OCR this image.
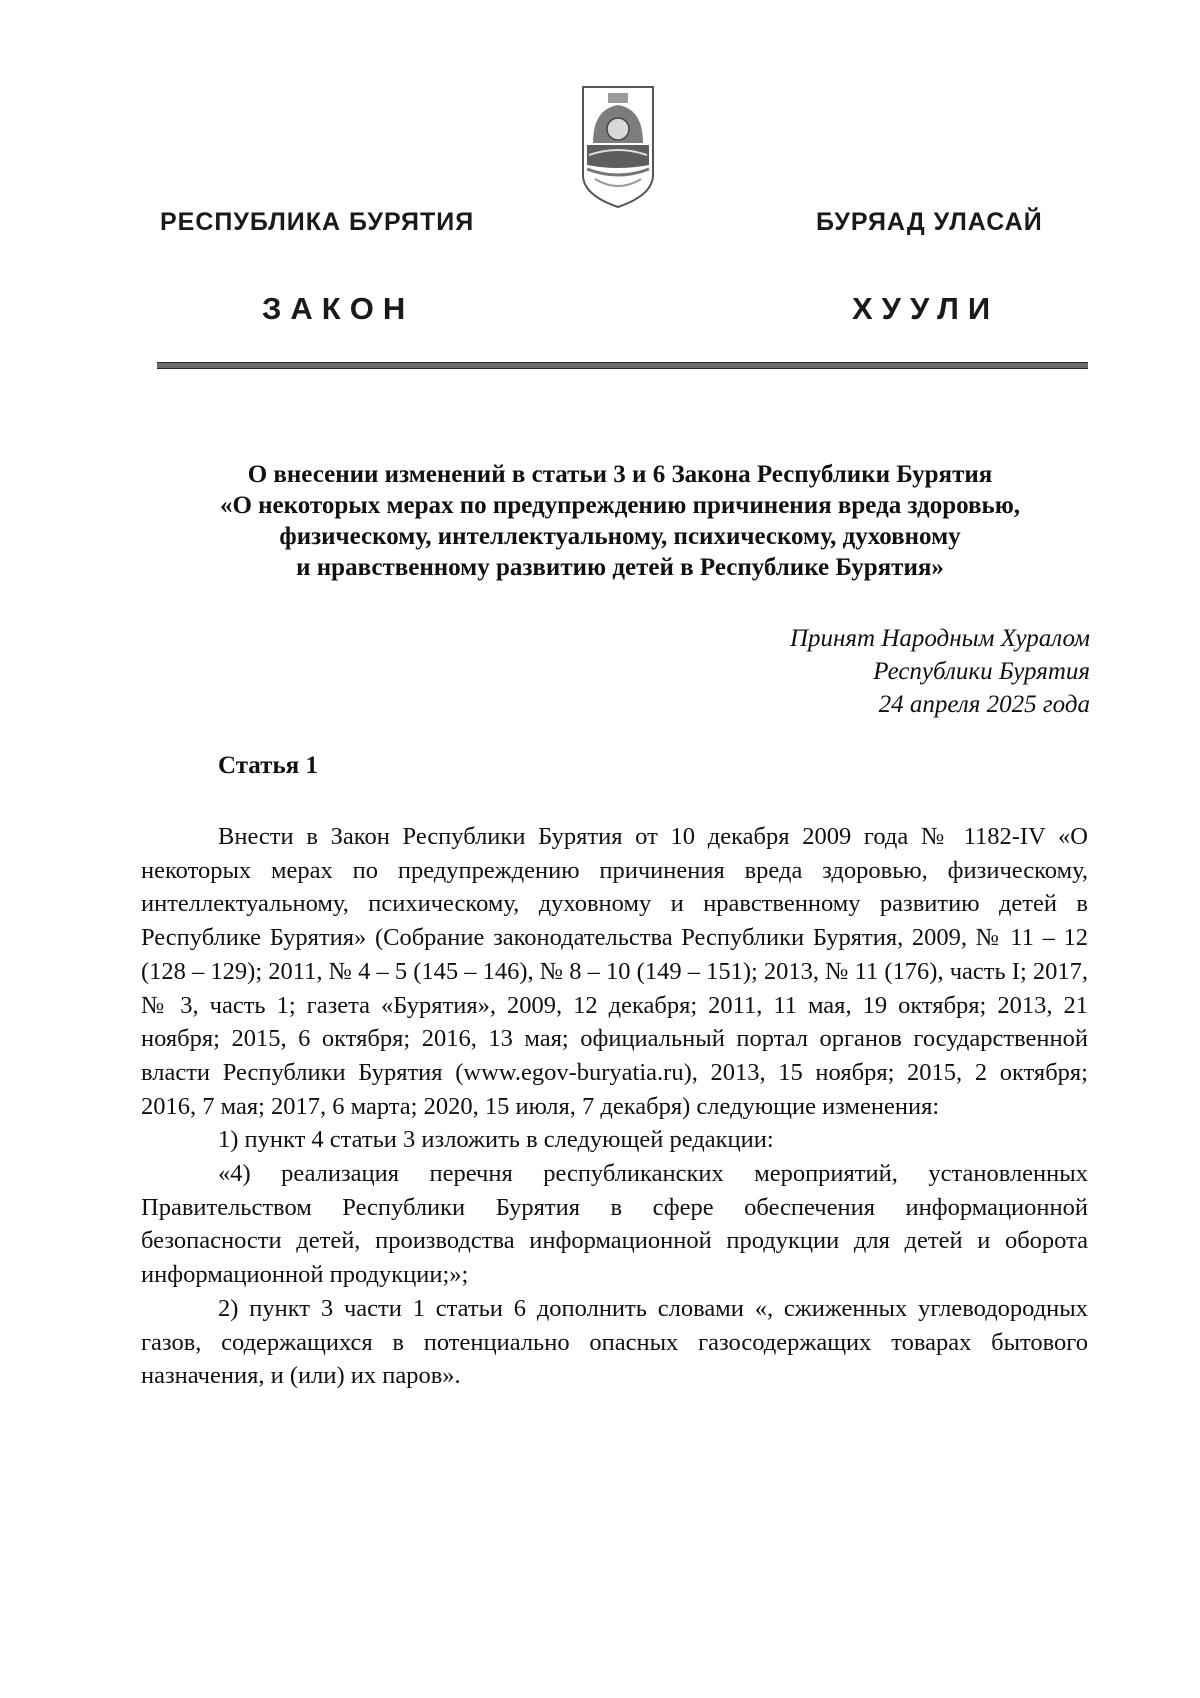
РЕСПУБЛИКА БУРЯТИЯ	БУРЯАД УЛАСАЙ
ЗАКОН	ХУУЛИ
О внесении изменений в статьи 3 и 6 Закона Республики Бурятия
«О некоторых мерах по предупреждению причинения вреда здоровью,
физическому, интеллектуальному, психическому, духовному
и нравственному развитию детей в Республике Бурятия»
Принят Народным Хуралом
Республики Бурятия
24 апреля 2025 года
Статья 1

Внести в Закон Республики Бурятия от 10 декабря 2009 года № 1182-IV «О некоторых мерах по предупреждению причинения вреда здоровью, физическому, интеллектуальному, психическому, духовному и нравственному развитию детей в Республике Бурятия» (Собрание законодательства Республики Бурятия, 2009, № 11 – 12 (128 – 129); 2011, № 4 – 5 (145 – 146), № 8 – 10 (149 – 151); 2013, № 11 (176), часть I; 2017, № 3, часть 1; газета «Бурятия», 2009, 12 декабря; 2011, 11 мая, 19 октября; 2013, 21 ноября; 2015, 6 октября; 2016, 13 мая; официальный портал органов государственной власти Республики Бурятия (www.egov-buryatia.ru), 2013, 15 ноября; 2015, 2 октября; 2016, 7 мая; 2017, 6 марта; 2020, 15 июля, 7 декабря) следующие изменения:

1) пункт 4 статьи 3 изложить в следующей редакции:

«4) реализация перечня республиканских мероприятий, установленных Правительством Республики Бурятия в сфере обеспечения информационной безопасности детей, производства информационной продукции для детей и оборота информационной продукции;»;

2) пункт 3 части 1 статьи 6 дополнить словами «, сжиженных углеводородных газов, содержащихся в потенциально опасных газосодержащих товарах бытового назначения, и (или) их паров».
